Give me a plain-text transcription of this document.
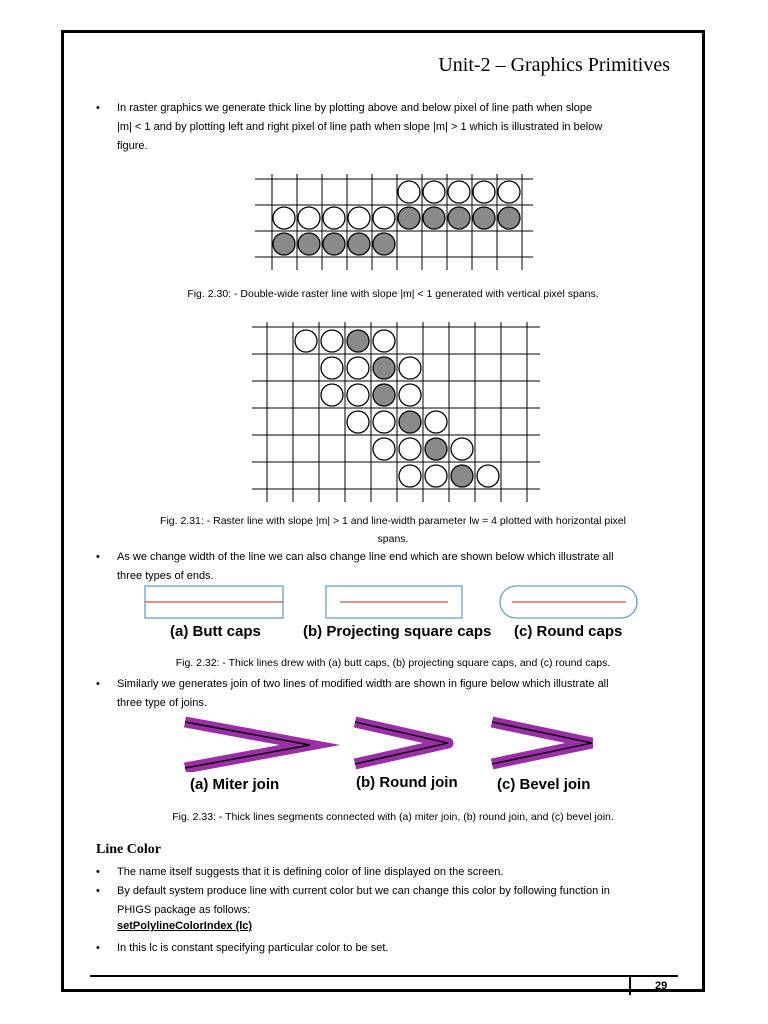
Unit-2 – Graphics Primitives
• In raster graphics we generate thick line by plotting above and below pixel of line path when slope
|m| < 1 and by plotting left and right pixel of line path when slope |m| > 1 which is illustrated in below
figure.
Fig. 2.30: - Double-wide raster line with slope |m| < 1 generated with vertical pixel spans.
Fig. 2.31: - Raster line with slope |m| > 1 and line-width parameter lw = 4 plotted with horizontal pixel
spans.
• As we change width of the line we can also change line end which are shown below which illustrate all
three types of ends.
(a) Butt caps	(b) Projecting square caps (c) Round caps
Fig. 2.32: - Thick lines drew with (a) butt caps, (b) projecting square caps, and (c) round caps.
• Similarly we generates join of two lines of modified width are shown in figure below which illustrate all
three type of joins.
(a) Miter join	(b) Round join	(c) Bevel join
Fig. 2.33: - Thick lines segments connected with (a) miter join, (b) round join, and (c) bevel join.
Line Color
• The name itself suggests that it is defining color of line displayed on the screen.
• By default system produce line with current color but we can change this color by following function in
PHIGS package as follows:
setPolylineColorIndex (lc)
• In this lc is constant specifying particular color to be set.
29
